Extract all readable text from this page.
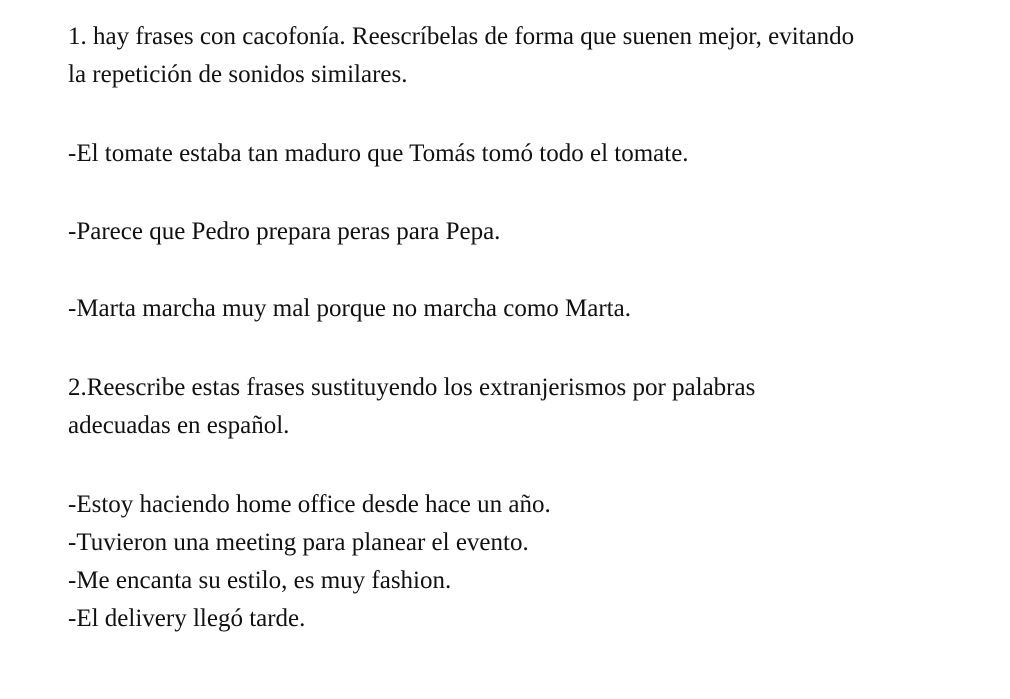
1. hay frases con cacofonía. Reescríbelas de forma que suenen mejor, evitando
la repetición de sonidos similares.
-El tomate estaba tan maduro que Tomás tomó todo el tomate.
-Parece que Pedro prepara peras para Pepa.
-Marta marcha muy mal porque no marcha como Marta.
2.Reescribe estas frases sustituyendo los extranjerismos por palabras
adecuadas en español.
-Estoy haciendo home office desde hace un año.
-Tuvieron una meeting para planear el evento.
-Me encanta su estilo, es muy fashion.
-El delivery llegó tarde.
